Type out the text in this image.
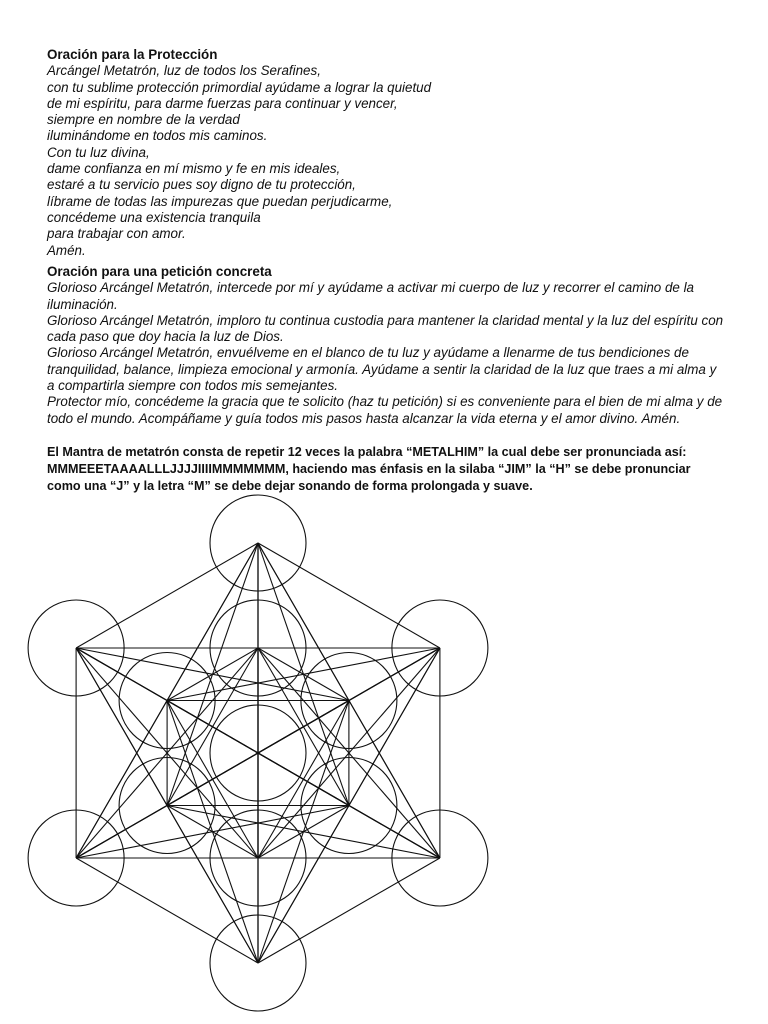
Oración para la Protección
Arcángel Metatrón, luz de todos los Serafines,
con tu sublime protección primordial ayúdame a lograr la quietud
de mi espíritu, para darme fuerzas para continuar y vencer,
siempre en nombre de la verdad
iluminándome en todos mis caminos.
Con tu luz divina,
dame confianza en mí mismo y fe en mis ideales,
estaré a tu servicio pues soy digno de tu protección,
líbrame de todas las impurezas que puedan perjudicarme,
concédeme una existencia tranquila
para trabajar con amor.
Amén.
Oración para una petición concreta
Glorioso Arcángel Metatrón, intercede por mí y ayúdame a activar mi cuerpo de luz y recorrer el camino de la iluminación.
Glorioso Arcángel Metatrón, imploro tu continua custodia para mantener la claridad mental y la luz del espíritu con cada paso que doy hacia la luz de Dios.
Glorioso Arcángel Metatrón, envuélveme en el blanco de tu luz y ayúdame a llenarme de tus bendiciones de tranquilidad, balance, limpieza emocional y armonía. Ayúdame a sentir la claridad de la luz que traes a mi alma y a compartirla siempre con todos mis semejantes.
Protector mío, concédeme la gracia que te solicito (haz tu petición) si es conveniente para el bien de mi alma y de todo el mundo. Acompáñame y guía todos mis pasos hasta alcanzar la vida eterna y el amor divino. Amén.
El Mantra de metatrón consta de repetir 12 veces la palabra “METALHIM” la cual debe ser pronunciada así: MMMEEETAAAALLLJJJJIIIIMMMMMMM, haciendo mas énfasis en la silaba “JIM” la “H” se debe pronunciar como una “J” y la letra “M” se debe dejar sonando de forma prolongada y suave.
